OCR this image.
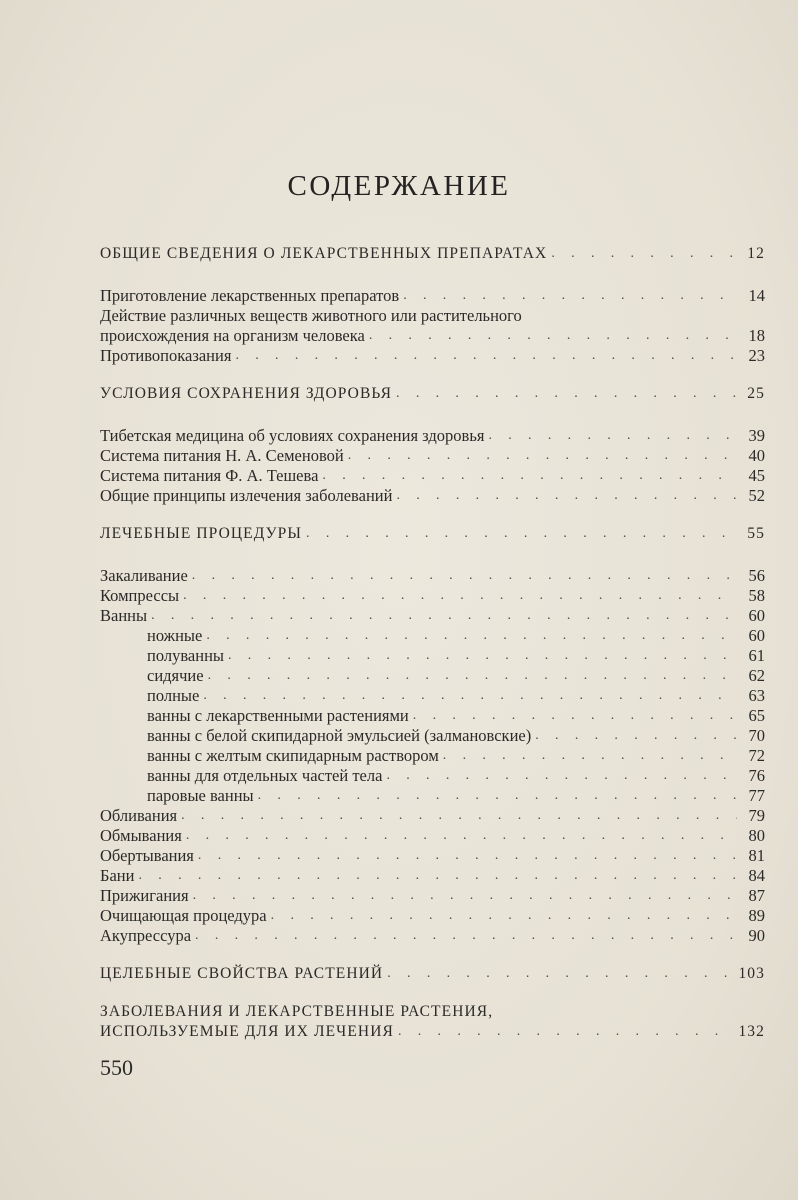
СОДЕРЖАНИЕ
ОБЩИЕ СВЕДЕНИЯ О ЛЕКАРСТВЕННЫХ ПРЕПАРАТАХ . . .	12
Приготовление лекарственных препаратов . . .	14
Действие различных веществ животного или растительного
происхождения на организм человека . . .	18
Противопоказания . . .	23
УСЛОВИЯ СОХРАНЕНИЯ ЗДОРОВЬЯ . . .	25
Тибетская медицина об условиях сохранения здоровья . . .	39
Система питания Н. А. Семеновой . . .	40
Система питания Ф. А. Тешева . . .	45
Общие принципы излечения заболеваний . . .	52
ЛЕЧЕБНЫЕ ПРОЦЕДУРЫ . . .	55
Закаливание . . .	56
Компрессы . . .	58
Ванны . . .	60
ножные . . .	60
полуванны . . .	61
сидячие . . .	62
полные . . .	63
ванны с лекарственными растениями . . .	65
ванны с белой скипидарной эмульсией (залмановские) . . .	70
ванны с желтым скипидарным раствором . . .	72
ванны для отдельных частей тела . . .	76
паровые ванны . . .	77
Обливания . . .	79
Обмывания . . .	80
Обертывания . . .	81
Бани . . .	84
Прижигания . . .	87
Очищающая процедура . . .	89
Акупрессура . . .	90
ЦЕЛЕБНЫЕ СВОЙСТВА РАСТЕНИЙ . . .	103
ЗАБОЛЕВАНИЯ И ЛЕКАРСТВЕННЫЕ РАСТЕНИЯ,
ИСПОЛЬЗУЕМЫЕ ДЛЯ ИХ ЛЕЧЕНИЯ . . .	132
550
